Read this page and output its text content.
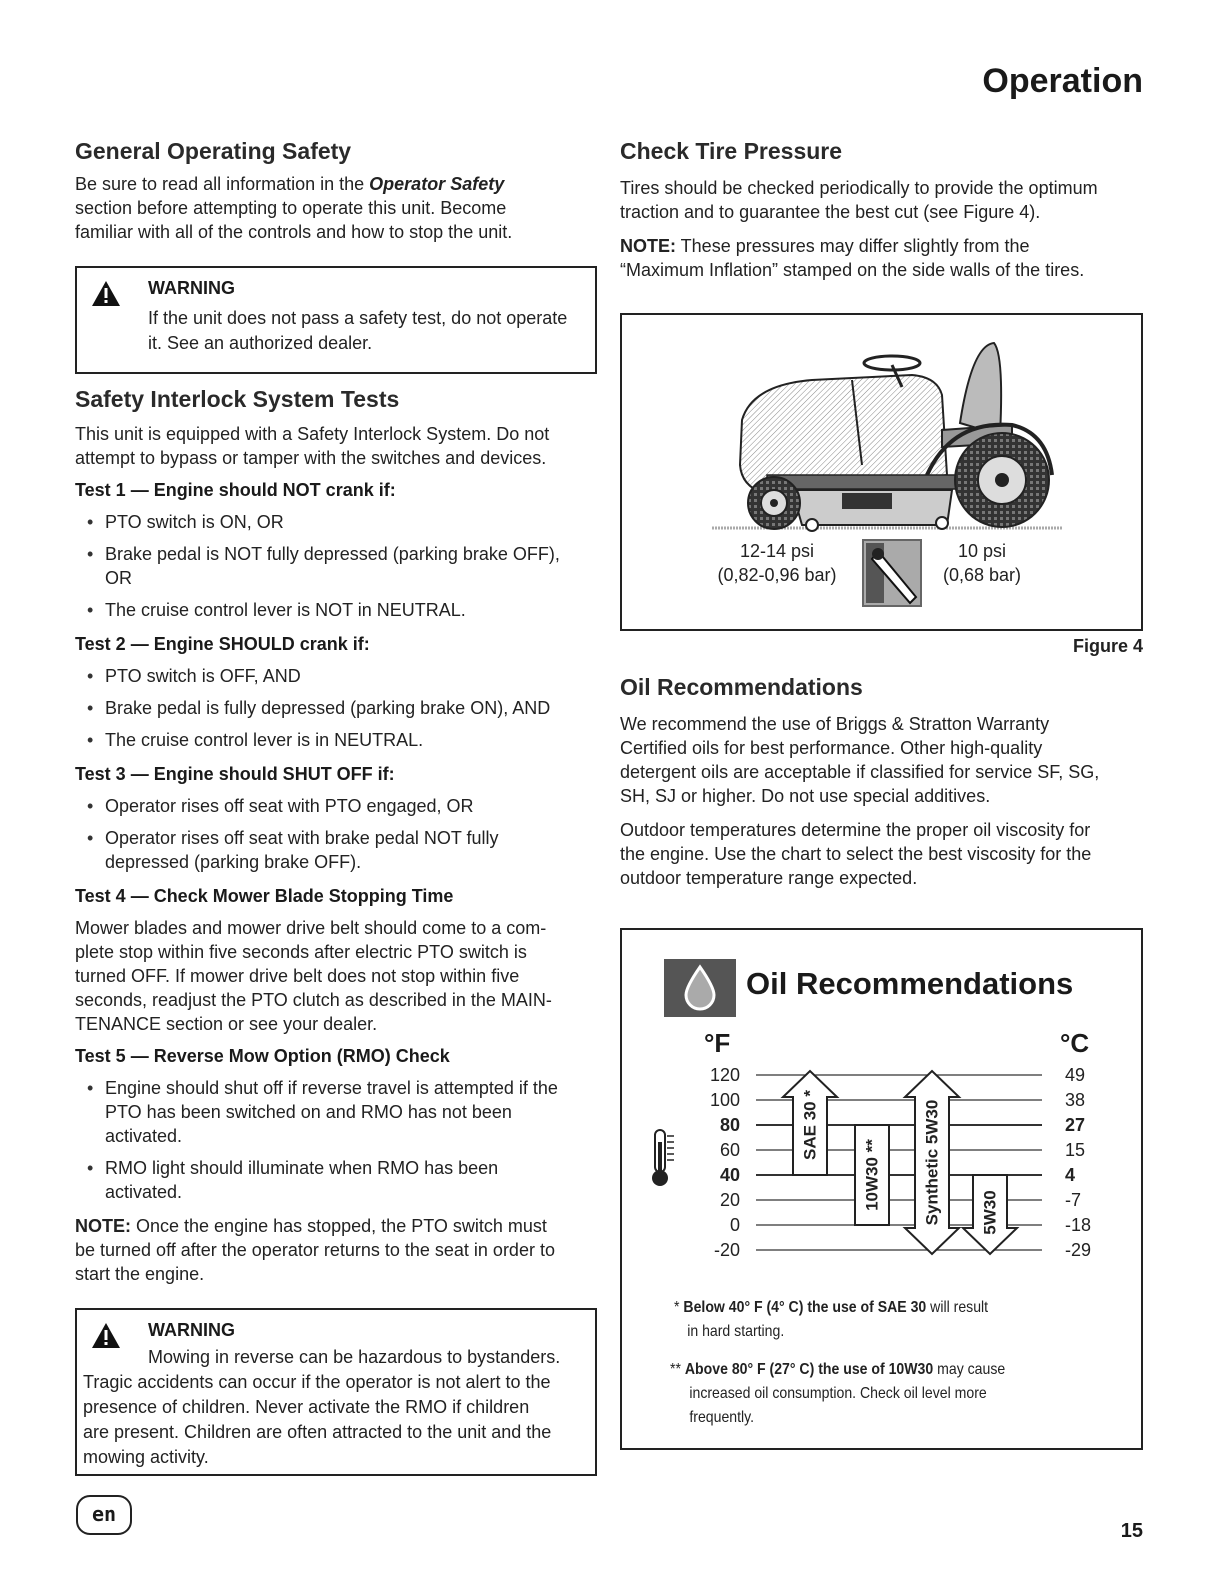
Operation
General Operating Safety

Be sure to read all information in the Operator Safety
section before attempting to operate this unit. Become
familiar with all of the controls and how to stop the unit.

WARNING

If the unit does not pass a safety test, do not operate
it. See an authorized dealer.

Safety Interlock System Tests

This unit is equipped with a Safety Interlock System. Do not
attempt to bypass or tamper with the switches and devices.

Test 1 — Engine should NOT crank if:

• PTO switch is ON, OR
• Brake pedal is NOT fully depressed (parking brake OFF), OR
• The cruise control lever is NOT in NEUTRAL.

Test 2 — Engine SHOULD crank if:

• PTO switch is OFF, AND
• Brake pedal is fully depressed (parking brake ON), AND
• The cruise control lever is in NEUTRAL.

Test 3 — Engine should SHUT OFF if:

• Operator rises off seat with PTO engaged, OR
• Operator rises off seat with brake pedal NOT fully depressed (parking brake OFF).

Test 4 — Check Mower Blade Stopping Time

Mower blades and mower drive belt should come to a com-
plete stop within five seconds after electric PTO switch is
turned OFF. If mower drive belt does not stop within five
seconds, readjust the PTO clutch as described in the MAIN-
TENANCE section or see your dealer.

Test 5 — Reverse Mow Option (RMO) Check

• Engine should shut off if reverse travel is attempted if the PTO has been switched on and RMO has not been activated.
• RMO light should illuminate when RMO has been activated.

NOTE: Once the engine has stopped, the PTO switch must
be turned off after the operator returns to the seat in order to
start the engine.

WARNING

Mowing in reverse can be hazardous to bystanders.
Tragic accidents can occur if the operator is not alert to the
presence of children. Never activate the RMO if children
are present. Children are often attracted to the unit and the
mowing activity.

Check Tire Pressure

Tires should be checked periodically to provide the optimum
traction and to guarantee the best cut (see Figure 4).

NOTE: These pressures may differ slightly from the
“Maximum Inflation” stamped on the side walls of the tires.

12-14 psi
(0,82-0,96 bar)
10 psi
(0,68 bar)
Figure 4
Oil Recommendations

We recommend the use of Briggs & Stratton Warranty
Certified oils for best performance. Other high-quality
detergent oils are acceptable if classified for service SF, SG,
SH, SJ or higher. Do not use special additives.

Outdoor temperatures determine the proper oil viscosity for
the engine. Use the chart to select the best viscosity for the
outdoor temperature range expected.

Oil Recommendations

°F	°C
120	49
100	38
80	27
60	15
40	4
20	-7
0	-18
-20	-29
SAE 30 *
10W30 ** Synthetic 5W30 5W30

* Below 40° F (4° C) the use of SAE 30 will result
in hard starting.

** Above 80° F (27° C) the use of 10W30 may cause
increased oil consumption. Check oil level more
frequently.

en

15
